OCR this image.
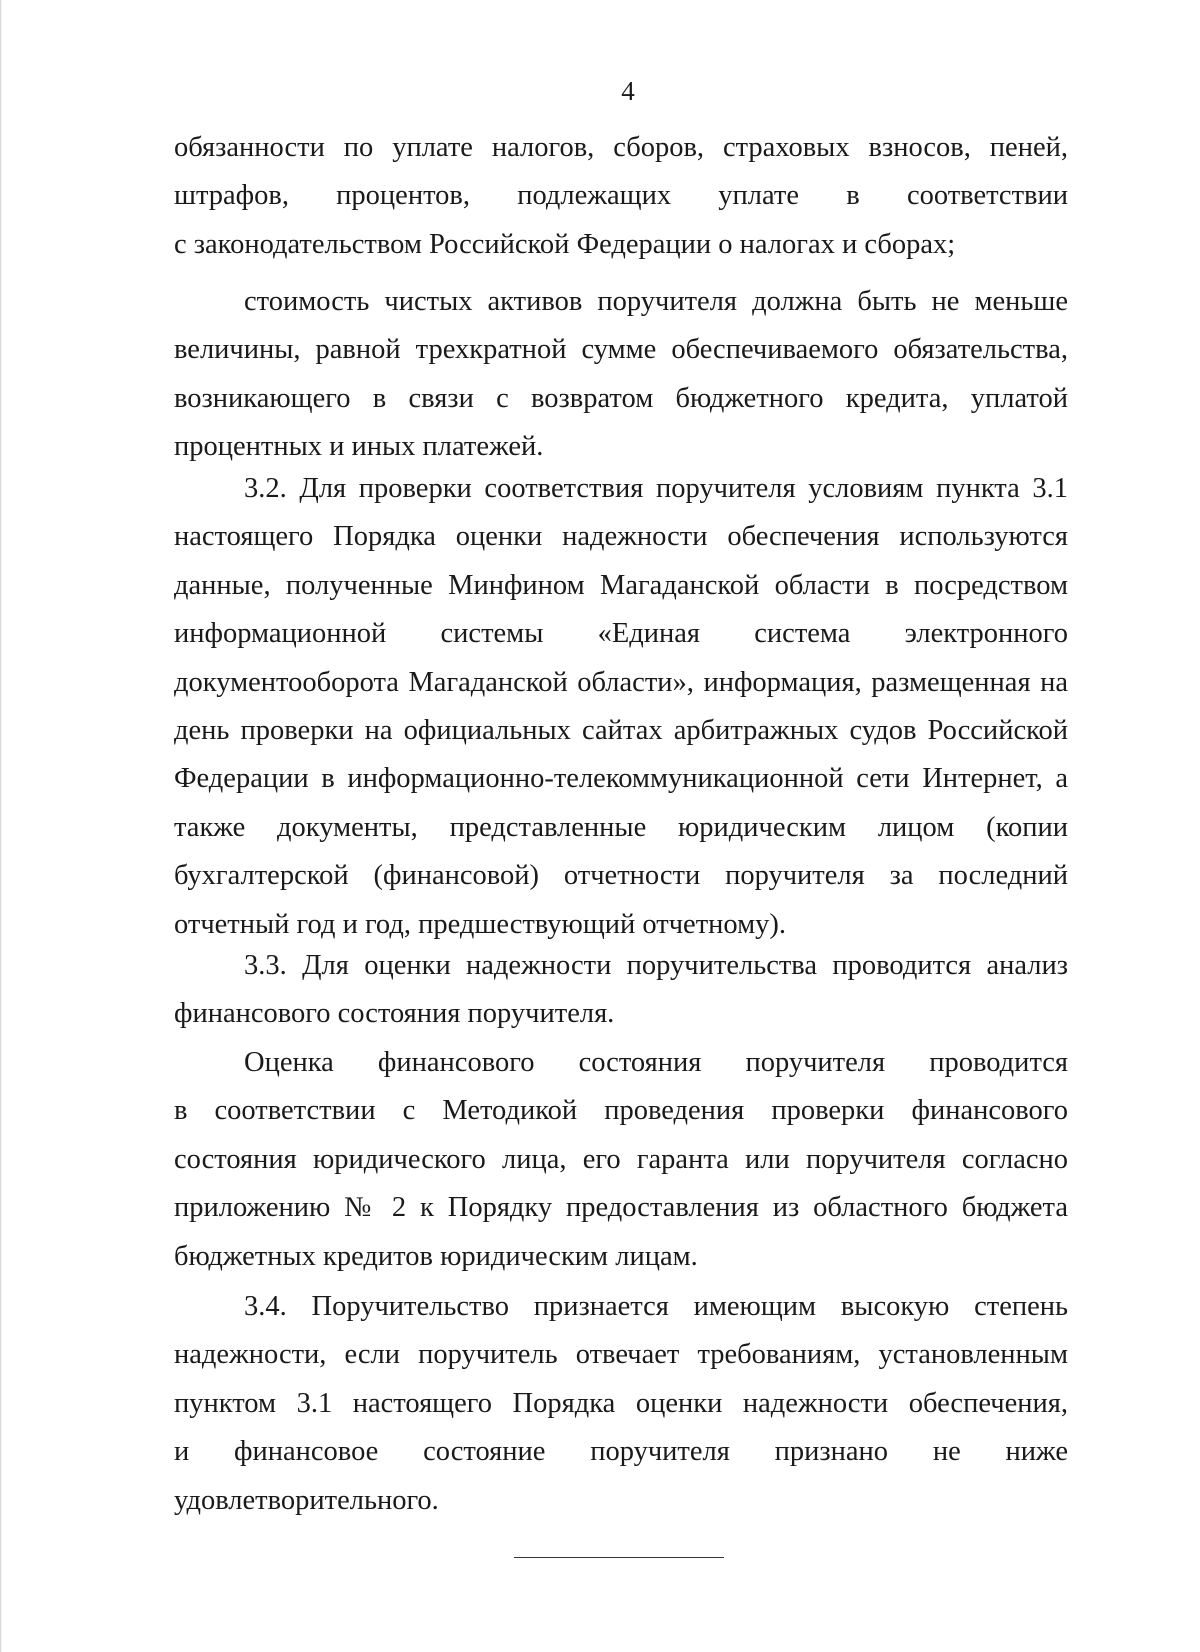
4

обязанности по уплате налогов, сборов, страховых взносов, пеней,

штрафов, процентов, подлежащих уплате в соответствии

с законодательством Российской Федерации о налогах и сборах;

стоимость чистых активов поручителя должна быть не меньше

величины, равной трехкратной сумме обеспечиваемого обязательства,

возникающего в связи с возвратом бюджетного кредита, уплатой

процентных и иных платежей.

3.2. Для проверки соответствия поручителя условиям пункта 3.1

настоящего Порядка оценки надежности обеспечения используются

данные, полученные Минфином Магаданской области в посредством

информационной системы «Единая система электронного

документооборота Магаданской области», информация, размещенная на

день проверки на официальных сайтах арбитражных судов Российской

Федерации в информационно-телекоммуникационной сети Интернет, а

также документы, представленные юридическим лицом (копии

бухгалтерской (финансовой) отчетности поручителя за последний

отчетный год и год, предшествующий отчетному).

3.3. Для оценки надежности поручительства проводится анализ

финансового состояния поручителя.

Оценка финансового состояния поручителя проводится

в соответствии с Методикой проведения проверки финансового

состояния юридического лица, его гаранта или поручителя согласно

приложению № 2 к Порядку предоставления из областного бюджета

бюджетных кредитов юридическим лицам.

3.4. Поручительство признается имеющим высокую степень

надежности, если поручитель отвечает требованиям, установленным

пунктом 3.1 настоящего Порядка оценки надежности обеспечения,

и финансовое состояние поручителя признано не ниже

удовлетворительного.
